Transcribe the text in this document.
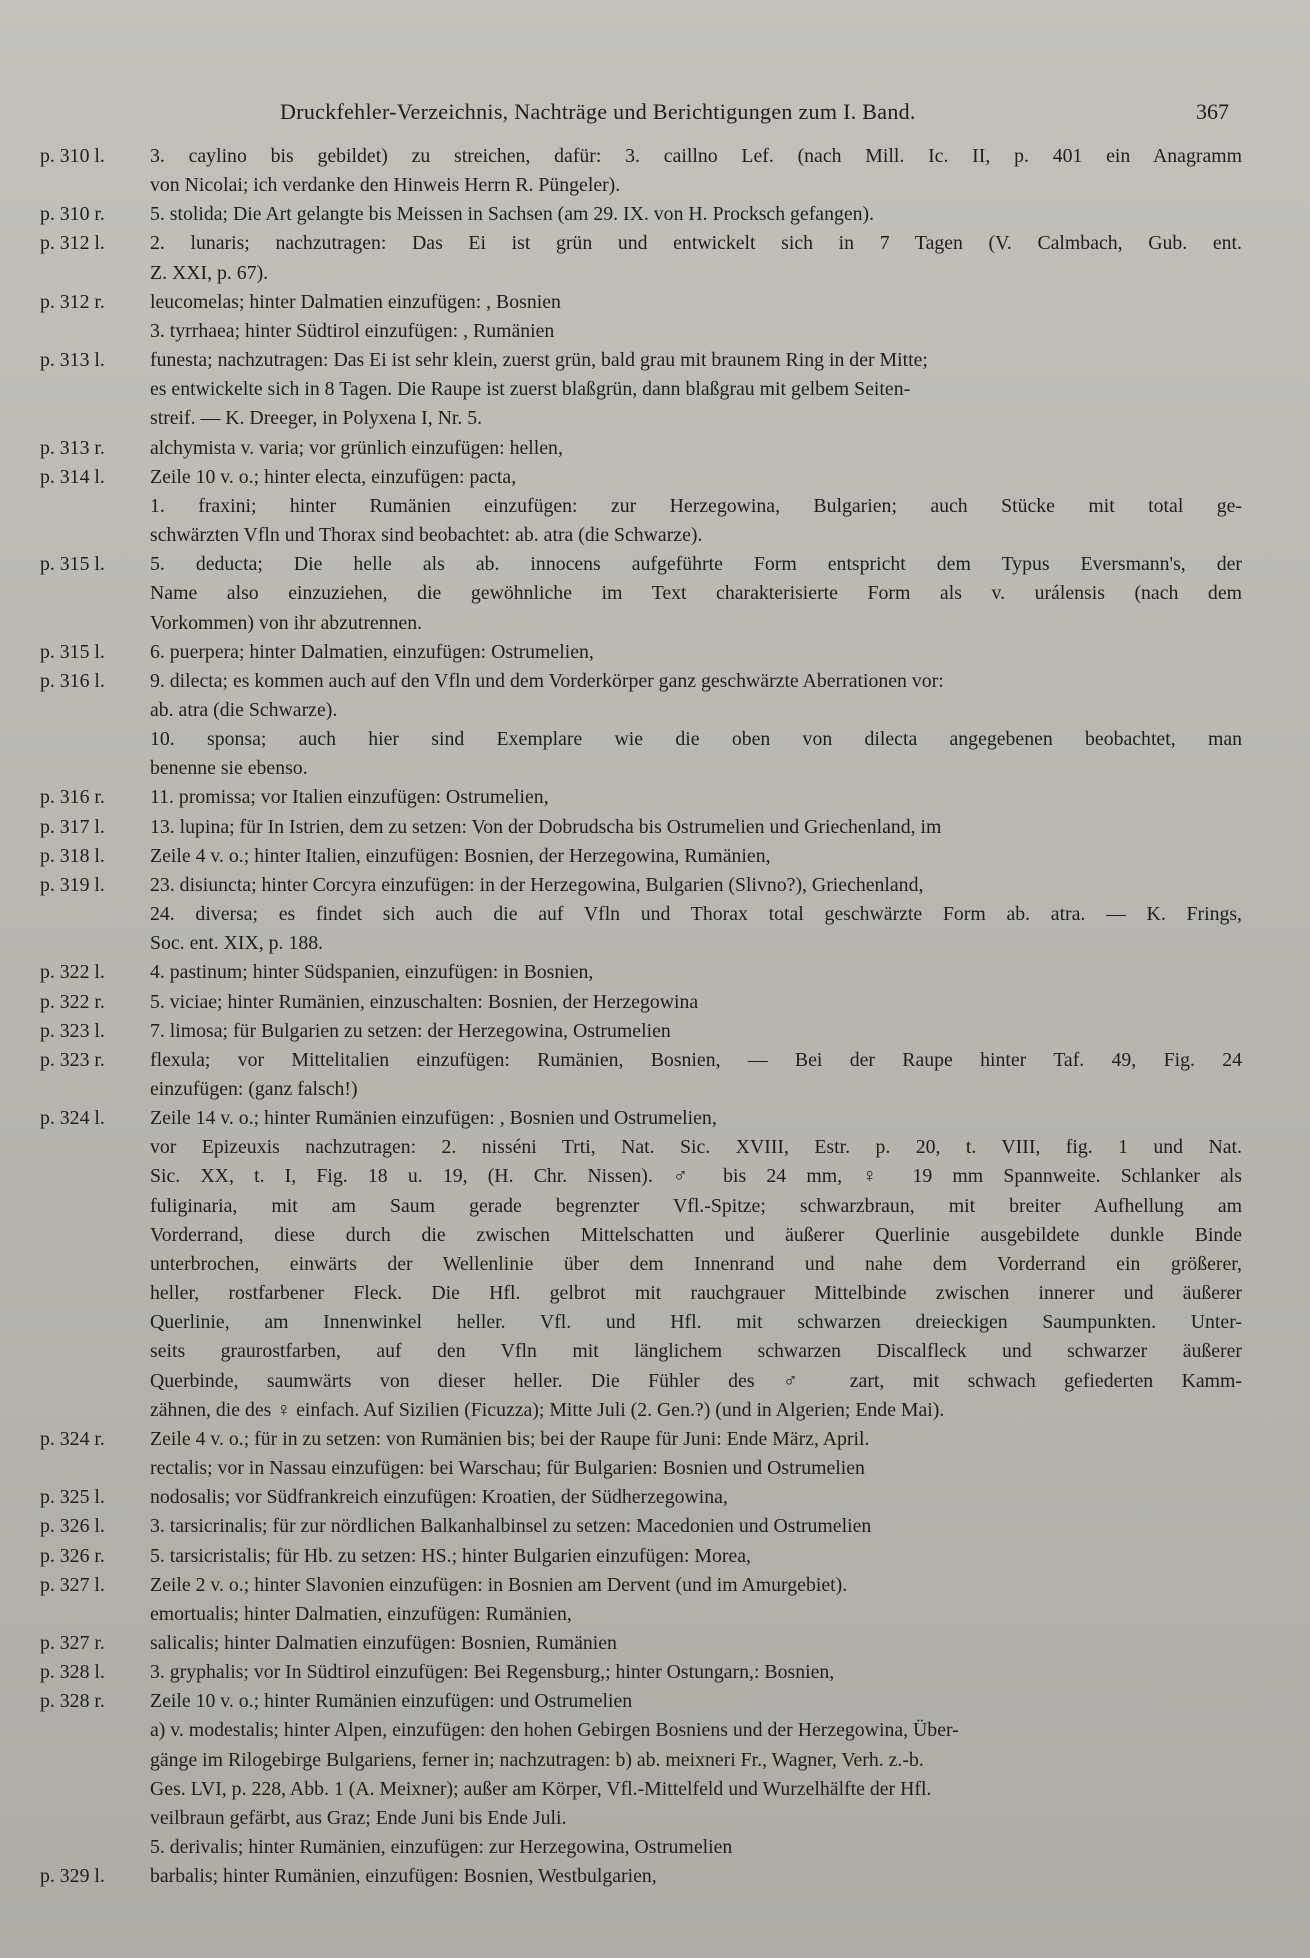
Druckfehler-Verzeichnis, Nachträge und Berichtigungen zum I. Band.	367
p. 310 l. 3. caylino bis gebildet) zu streichen, dafür: 3. caillno Lef. (nach Mill. Ic. II, p. 401 ein Anagramm
von Nicolai; ich verdanke den Hinweis Herrn R. Püngeler).
p. 310 r. 5. stolida; Die Art gelangte bis Meissen in Sachsen (am 29. IX. von H. Procksch gefangen).
p. 312 l. 2. lunaris; nachzutragen: Das Ei ist grün und entwickelt sich in 7 Tagen (V. Calmbach, Gub. ent.
Z. XXI, p. 67).
p. 312 r. leucomelas; hinter Dalmatien einzufügen: , Bosnien
3. tyrrhaea; hinter Südtirol einzufügen: , Rumänien
p. 313 l. funesta; nachzutragen: Das Ei ist sehr klein, zuerst grün, bald grau mit braunem Ring in der Mitte;
es entwickelte sich in 8 Tagen. Die Raupe ist zuerst blaßgrün, dann blaßgrau mit gelbem Seiten-
streif. — K. Dreeger, in Polyxena I, Nr. 5.
p. 313 r. alchymista v. varia; vor grünlich einzufügen: hellen,
p. 314 l. Zeile 10 v. o.; hinter electa, einzufügen: pacta,
1. fraxini; hinter Rumänien einzufügen: zur Herzegowina, Bulgarien; auch Stücke mit total ge-
schwärzten Vfln und Thorax sind beobachtet: ab. atra (die Schwarze).
p. 315 l. 5. deducta; Die helle als ab. innocens aufgeführte Form entspricht dem Typus Eversmann's, der
Name also einzuziehen, die gewöhnliche im Text charakterisierte Form als v. urálensis (nach dem
Vorkommen) von ihr abzutrennen.
p. 315 l. 6. puerpera; hinter Dalmatien, einzufügen: Ostrumelien,
p. 316 l. 9. dilecta; es kommen auch auf den Vfln und dem Vorderkörper ganz geschwärzte Aberrationen vor:
ab. atra (die Schwarze).
10. sponsa; auch hier sind Exemplare wie die oben von dilecta angegebenen beobachtet, man
benenne sie ebenso.
p. 316 r. 11. promissa; vor Italien einzufügen: Ostrumelien,
p. 317 l. 13. lupina; für In Istrien, dem zu setzen: Von der Dobrudscha bis Ostrumelien und Griechenland, im
p. 318 l. Zeile 4 v. o.; hinter Italien, einzufügen: Bosnien, der Herzegowina, Rumänien,
p. 319 l. 23. disiuncta; hinter Corcyra einzufügen: in der Herzegowina, Bulgarien (Slivno?), Griechenland,
24. diversa; es findet sich auch die auf Vfln und Thorax total geschwärzte Form ab. atra. — K. Frings,
Soc. ent. XIX, p. 188.
p. 322 l. 4. pastinum; hinter Südspanien, einzufügen: in Bosnien,
p. 322 r. 5. viciae; hinter Rumänien, einzuschalten: Bosnien, der Herzegowina
p. 323 l. 7. limosa; für Bulgarien zu setzen: der Herzegowina, Ostrumelien
p. 323 r. flexula; vor Mittelitalien einzufügen: Rumänien, Bosnien, — Bei der Raupe hinter Taf. 49, Fig. 24
einzufügen: (ganz falsch!)
p. 324 l. Zeile 14 v. o.; hinter Rumänien einzufügen: , Bosnien und Ostrumelien,
vor Epizeuxis nachzutragen: 2. nisséni Trti, Nat. Sic. XVIII, Estr. p. 20, t. VIII, fig. 1 und Nat.
Sic. XX, t. I, Fig. 18 u. 19, (H. Chr. Nissen). ♂ bis 24 mm, ♀ 19 mm Spannweite. Schlanker als
fuliginaria, mit am Saum gerade begrenzter Vfl.-Spitze; schwarzbraun, mit breiter Aufhellung am
Vorderrand, diese durch die zwischen Mittelschatten und äußerer Querlinie ausgebildete dunkle Binde
unterbrochen, einwärts der Wellenlinie über dem Innenrand und nahe dem Vorderrand ein größerer,
heller, rostfarbener Fleck. Die Hfl. gelbrot mit rauchgrauer Mittelbinde zwischen innerer und äußerer
Querlinie, am Innenwinkel heller. Vfl. und Hfl. mit schwarzen dreieckigen Saumpunkten. Unter-
seits graurostfarben, auf den Vfln mit länglichem schwarzen Discalfleck und schwarzer äußerer
Querbinde, saumwärts von dieser heller. Die Fühler des ♂ zart, mit schwach gefiederten Kamm-
zähnen, die des ♀ einfach. Auf Sizilien (Ficuzza); Mitte Juli (2. Gen.?) (und in Algerien; Ende Mai).
p. 324 r. Zeile 4 v. o.; für in zu setzen: von Rumänien bis; bei der Raupe für Juni: Ende März, April.
rectalis; vor in Nassau einzufügen: bei Warschau; für Bulgarien: Bosnien und Ostrumelien
p. 325 l. nodosalis; vor Südfrankreich einzufügen: Kroatien, der Südherzegowina,
p. 326 l. 3. tarsicrinalis; für zur nördlichen Balkanhalbinsel zu setzen: Macedonien und Ostrumelien
p. 326 r. 5. tarsicristalis; für Hb. zu setzen: HS.; hinter Bulgarien einzufügen: Morea,
p. 327 l. Zeile 2 v. o.; hinter Slavonien einzufügen: in Bosnien am Dervent (und im Amurgebiet).
emortualis; hinter Dalmatien, einzufügen: Rumänien,
p. 327 r. salicalis; hinter Dalmatien einzufügen: Bosnien, Rumänien
p. 328 l. 3. gryphalis; vor In Südtirol einzufügen: Bei Regensburg,; hinter Ostungarn,: Bosnien,
p. 328 r. Zeile 10 v. o.; hinter Rumänien einzufügen: und Ostrumelien
a) v. modestalis; hinter Alpen, einzufügen: den hohen Gebirgen Bosniens und der Herzegowina, Über-
gänge im Rilogebirge Bulgariens, ferner in; nachzutragen: b) ab. meixneri Fr., Wagner, Verh. z.-b.
Ges. LVI, p. 228, Abb. 1 (A. Meixner); außer am Körper, Vfl.-Mittelfeld und Wurzelhälfte der Hfl.
veilbraun gefärbt, aus Graz; Ende Juni bis Ende Juli.
5. derivalis; hinter Rumänien, einzufügen: zur Herzegowina, Ostrumelien
p. 329 l. barbalis; hinter Rumänien, einzufügen: Bosnien, Westbulgarien,
